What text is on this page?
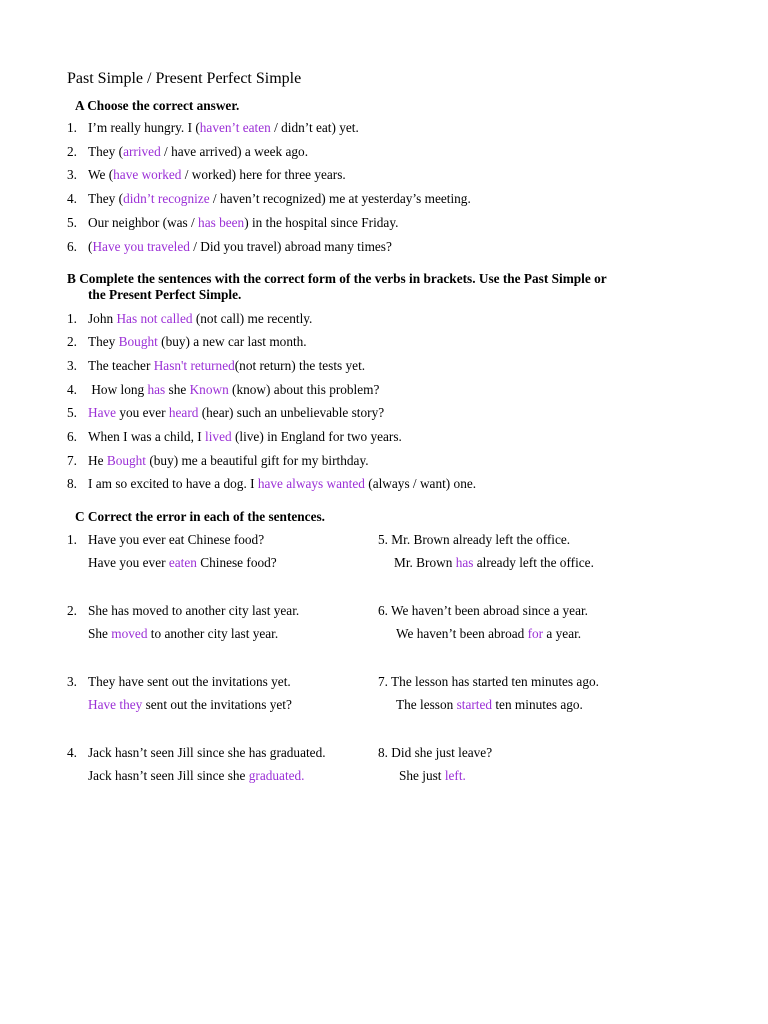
Past Simple / Present Perfect Simple
A Choose the correct answer.
1. I’m really hungry. I (haven’t eaten / didn’t eat) yet.
2. They (arrived / have arrived) a week ago.
3. We (have worked / worked) here for three years.
4. They (didn’t recognize / haven’t recognized) me at yesterday’s meeting.
5. Our neighbor (was / has been) in the hospital since Friday.
6. (Have you traveled / Did you travel) abroad many times?
B Complete the sentences with the correct form of the verbs in brackets. Use the Past Simple or
the Present Perfect Simple.
1. John Has not called (not call) me recently.
2. They Bought (buy) a new car last month.
3. The teacher Hasn't returned(not return) the tests yet.
4. How long has she Known (know) about this problem?
5. Have you ever heard (hear) such an unbelievable story?
6. When I was a child, I lived (live) in England for two years.
7. He Bought (buy) me a beautiful gift for my birthday.
8. I am so excited to have a dog. I have always wanted (always / want) one.
C Correct the error in each of the sentences.
1. Have you ever eat Chinese food?
Have you ever eaten Chinese food?
2. She has moved to another city last year.
She moved to another city last year.
3. They have sent out the invitations yet.
Have they sent out the invitations yet?
4. Jack hasn’t seen Jill since she has graduated.
Jack hasn’t seen Jill since she graduated.
5. Mr. Brown already left the office.
Mr. Brown has already left the office.
6. We haven’t been abroad since a year.
We haven’t been abroad for a year.
7. The lesson has started ten minutes ago.
The lesson started ten minutes ago.
8. Did she just leave?
She just left.
